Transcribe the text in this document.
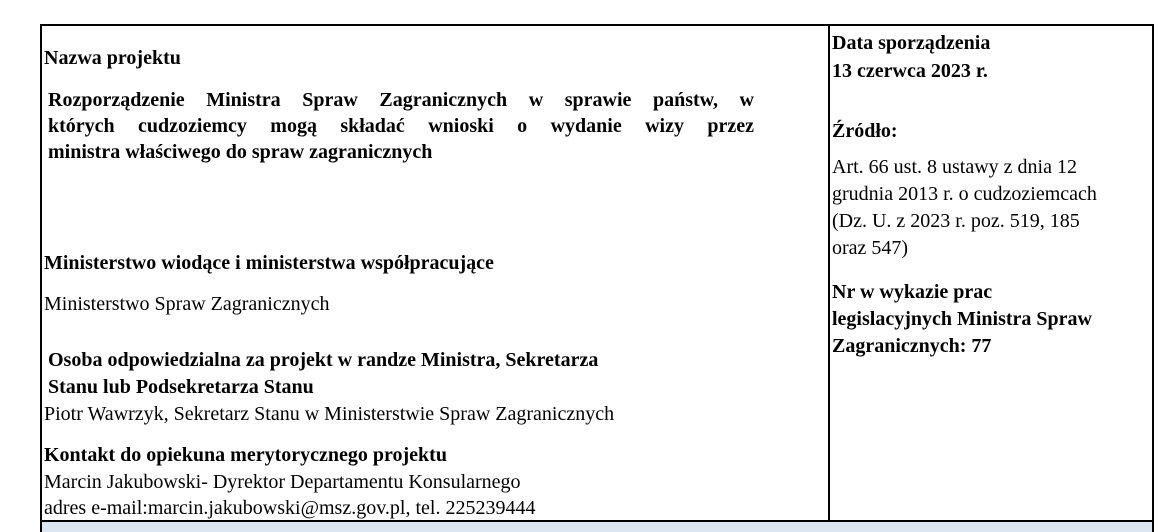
Nazwa projektu

Rozporządzenie Ministra Spraw Zagranicznych w sprawie państw, w

których cudzoziemcy mogą składać wnioski o wydanie wizy przez

ministra właściwego do spraw zagranicznych

Ministerstwo wiodące i ministerstwa współpracujące

Ministerstwo Spraw Zagranicznych

Osoba odpowiedzialna za projekt w randze Ministra, Sekretarza

Stanu lub Podsekretarza Stanu

Piotr Wawrzyk, Sekretarz Stanu w Ministerstwie Spraw Zagranicznych

Kontakt do opiekuna merytorycznego projektu

Marcin Jakubowski- Dyrektor Departamentu Konsularnego

adres e-mail:marcin.jakubowski@msz.gov.pl, tel. 225239444

Data sporządzenia

13 czerwca 2023 r.

Źródło:

Art. 66 ust. 8 ustawy z dnia 12

grudnia 2013 r. o cudzoziemcach

(Dz. U. z 2023 r. poz. 519, 185

oraz 547)

Nr w wykazie prac

legislacyjnych Ministra Spraw

Zagranicznych: 77
